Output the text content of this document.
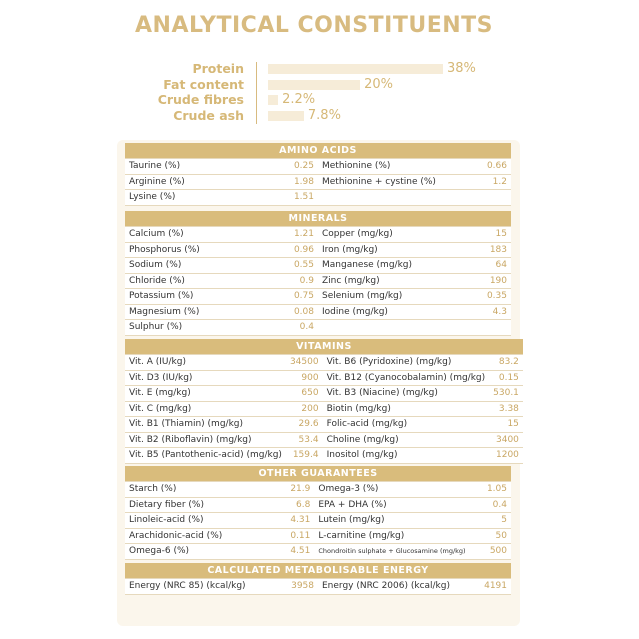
ANALYTICAL CONSTITUENTS
Protein	38%
Fat content	20%
Crude fibres	2.2%
Crude ash	7.8%
AMINO ACIDS			
Taurine (%)	0.25	Methionine (%)	0.66
Arginine (%)	1.98	Methionine + cystine (%)	1.2
Lysine (%)	1.51		
MINERALS			
Calcium (%)	1.21	Copper (mg/kg)	15
Phosphorus (%)	0.96	Iron (mg/kg)	183
Sodium (%)	0.55	Manganese (mg/kg)	64
Chloride (%)	0.9	Zinc (mg/kg)	190
Potassium (%)	0.75	Selenium (mg/kg)	0.35
Magnesium (%)	0.08	Iodine (mg/kg)	4.3
Sulphur (%)	0.4		
VITAMINS			
Vit. A (IU/kg)	34500	Vit. B6 (Pyridoxine) (mg/kg)	83.2
Vit. D3 (IU/kg)	900	Vit. B12 (Cyanocobalamin) (mg/kg)	0.15
Vit. E (mg/kg)	650	Vit. B3 (Niacine) (mg/kg)	530.1
Vit. C (mg/kg)	200	Biotin (mg/kg)	3.38
Vit. B1 (Thiamin) (mg/kg)	29.6	Folic-acid (mg/kg)	15
Vit. B2 (Riboflavin) (mg/kg)	53.4	Choline (mg/kg)	3400
Vit. B5 (Pantothenic-acid) (mg/kg)	159.4	Inositol (mg/kg)	1200
OTHER GUARANTEES			
Starch (%)	21.9	Omega-3 (%)	1.05
Dietary fiber (%)	6.8	EPA + DHA (%)	0.4
Linoleic-acid (%)	4.31	Lutein (mg/kg)	5
Arachidonic-acid (%)	0.11	L-carnitine (mg/kg)	50
Omega-6 (%)	4.51	Chondroitin sulphate + Glucosamine (mg/kg)	500
CALCULATED METABOLISABLE ENERGY
Energy (NRC 85) (kcal/kg)	3958	Energy (NRC 2006) (kcal/kg)	4191
